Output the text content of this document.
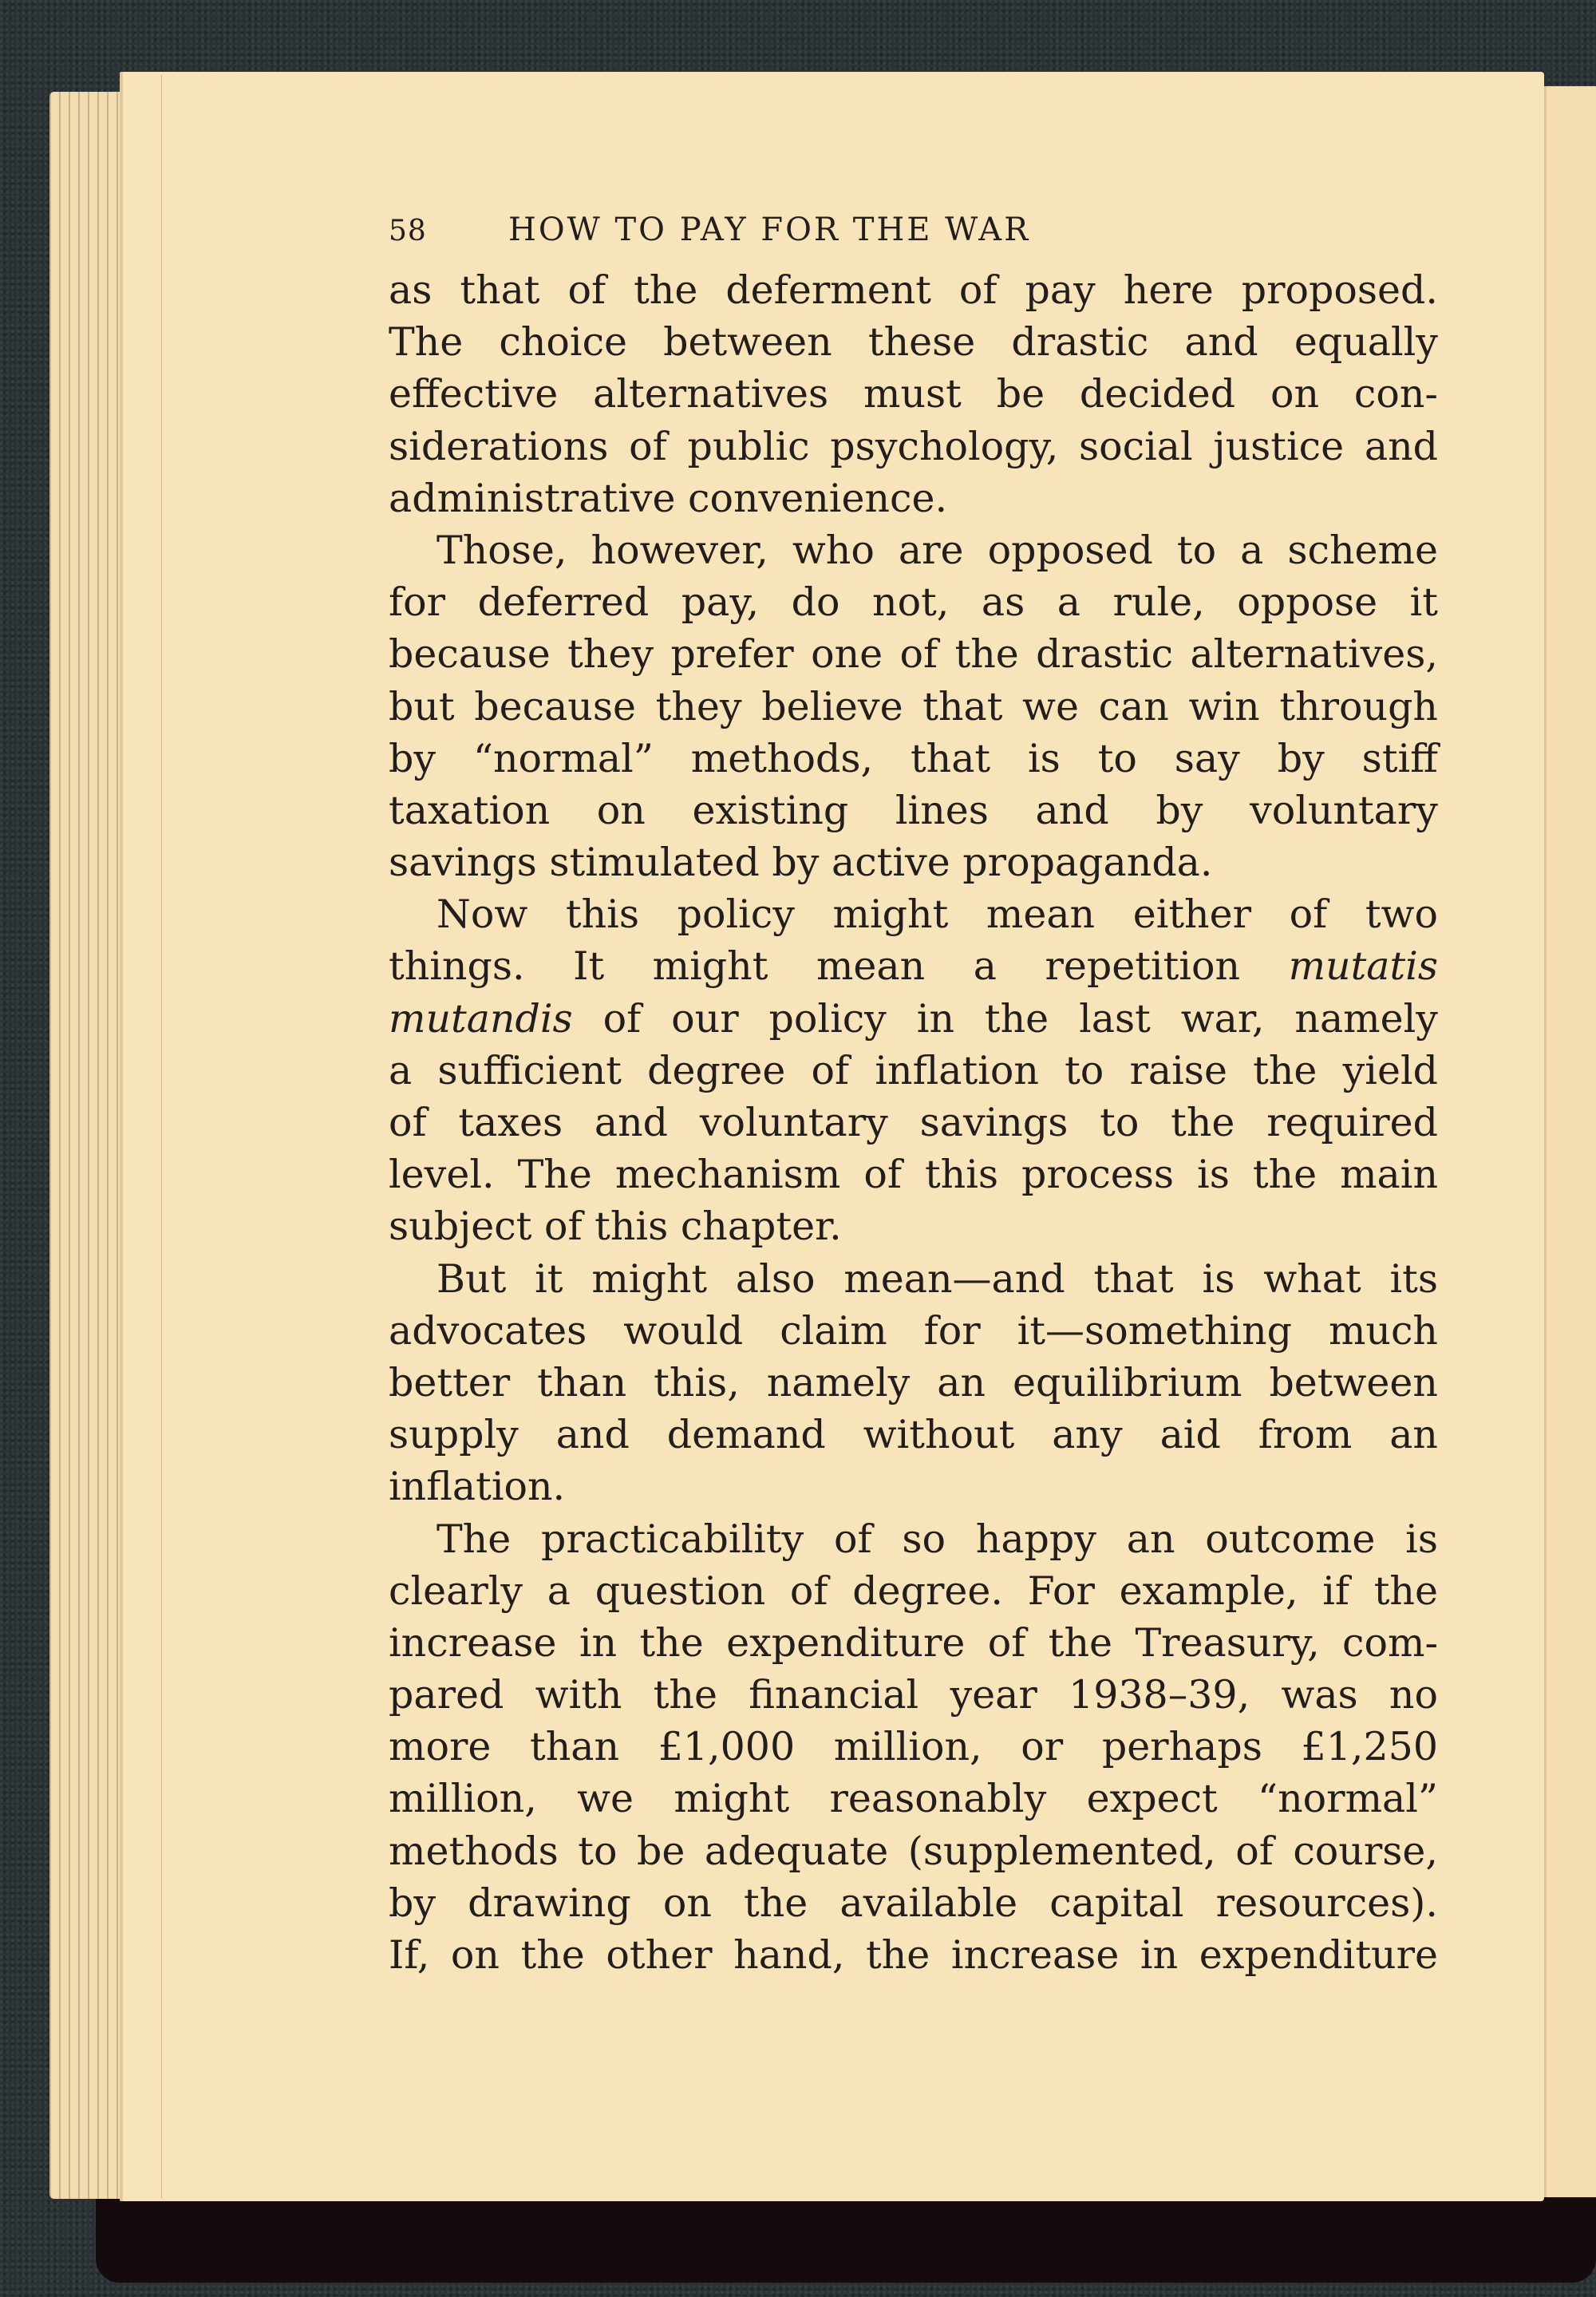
58	HOW TO PAY FOR THE WAR
as that of the deferment of pay here proposed.
The choice between these drastic and equally
effective alternatives must be decided on con-
siderations of public psychology, social justice and
administrative convenience.
Those, however, who are opposed to a scheme
for deferred pay, do not, as a rule, oppose it
because they prefer one of the drastic alternatives,
but because they believe that we can win through
by “normal” methods, that is to say by stiff
taxation on existing lines and by voluntary
savings stimulated by active propaganda.
Now this policy might mean either of two
things. It might mean a repetition mutatis
mutandis of our policy in the last war, namely
a sufficient degree of inflation to raise the yield
of taxes and voluntary savings to the required
level. The mechanism of this process is the main
subject of this chapter.
But it might also mean—and that is what its
advocates would claim for it—something much
better than this, namely an equilibrium between
supply and demand without any aid from an
inflation.
The practicability of so happy an outcome is
clearly a question of degree. For example, if the
increase in the expenditure of the Treasury, com-
pared with the financial year 1938–39, was no
more than £1,000 million, or perhaps £1,250
million, we might reasonably expect “normal”
methods to be adequate (supplemented, of course,
by drawing on the available capital resources).
If, on the other hand, the increase in expenditure
